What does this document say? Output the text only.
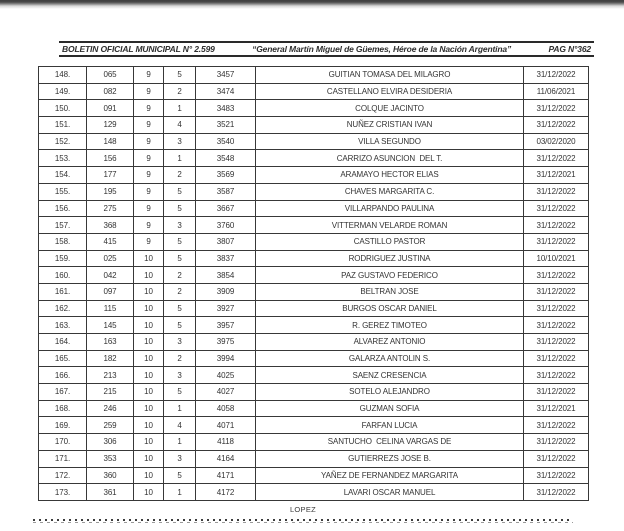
BOLETIN OFICIAL MUNICIPAL N° 2.599	“General Martín Miguel de Güemes, Héroe de la Nación Argentina”	PAG N°362
148.	065	9	5	3457	GUITIAN TOMASA DEL MILAGRO	31/12/2022
149.	082	9	2	3474	CASTELLANO ELVIRA DESIDERIA	11/06/2021
150.	091	9	1	3483	COLQUE JACINTO	31/12/2022
151.	129	9	4	3521	NUÑEZ CRISTIAN IVAN	31/12/2022
152.	148	9	3	3540	VILLA SEGUNDO	03/02/2020
153.	156	9	1	3548	CARRIZO ASUNCION  DEL T.	31/12/2022
154.	177	9	2	3569	ARAMAYO HECTOR ELIAS	31/12/2021
155.	195	9	5	3587	CHAVES MARGARITA C.	31/12/2022
156.	275	9	5	3667	VILLARPANDO PAULINA	31/12/2022
157.	368	9	3	3760	VITTERMAN VELARDE ROMAN	31/12/2022
158.	415	9	5	3807	CASTILLO PASTOR	31/12/2022
159.	025	10	5	3837	RODRIGUEZ JUSTINA	10/10/2021
160.	042	10	2	3854	PAZ GUSTAVO FEDERICO	31/12/2022
161.	097	10	2	3909	BELTRAN JOSE	31/12/2022
162.	115	10	5	3927	BURGOS OSCAR DANIEL	31/12/2022
163.	145	10	5	3957	R. GEREZ TIMOTEO	31/12/2022
164.	163	10	3	3975	ALVAREZ ANTONIO	31/12/2022
165.	182	10	2	3994	GALARZA ANTOLIN S.	31/12/2022
166.	213	10	3	4025	SAENZ CRESENCIA	31/12/2022
167.	215	10	5	4027	SOTELO ALEJANDRO	31/12/2022
168.	246	10	1	4058	GUZMAN SOFIA	31/12/2021
169.	259	10	4	4071	FARFAN LUCIA	31/12/2022
170.	306	10	1	4118	SANTUCHO  CELINA VARGAS DE	31/12/2022
171.	353	10	3	4164	GUTIERREZS JOSE B.	31/12/2022
172.	360	10	5	4171	YAÑEZ DE FERNANDEZ MARGARITA	31/12/2022
173.	361	10	1	4172	LAVARI OSCAR MANUEL	31/12/2022
LOPEZ
